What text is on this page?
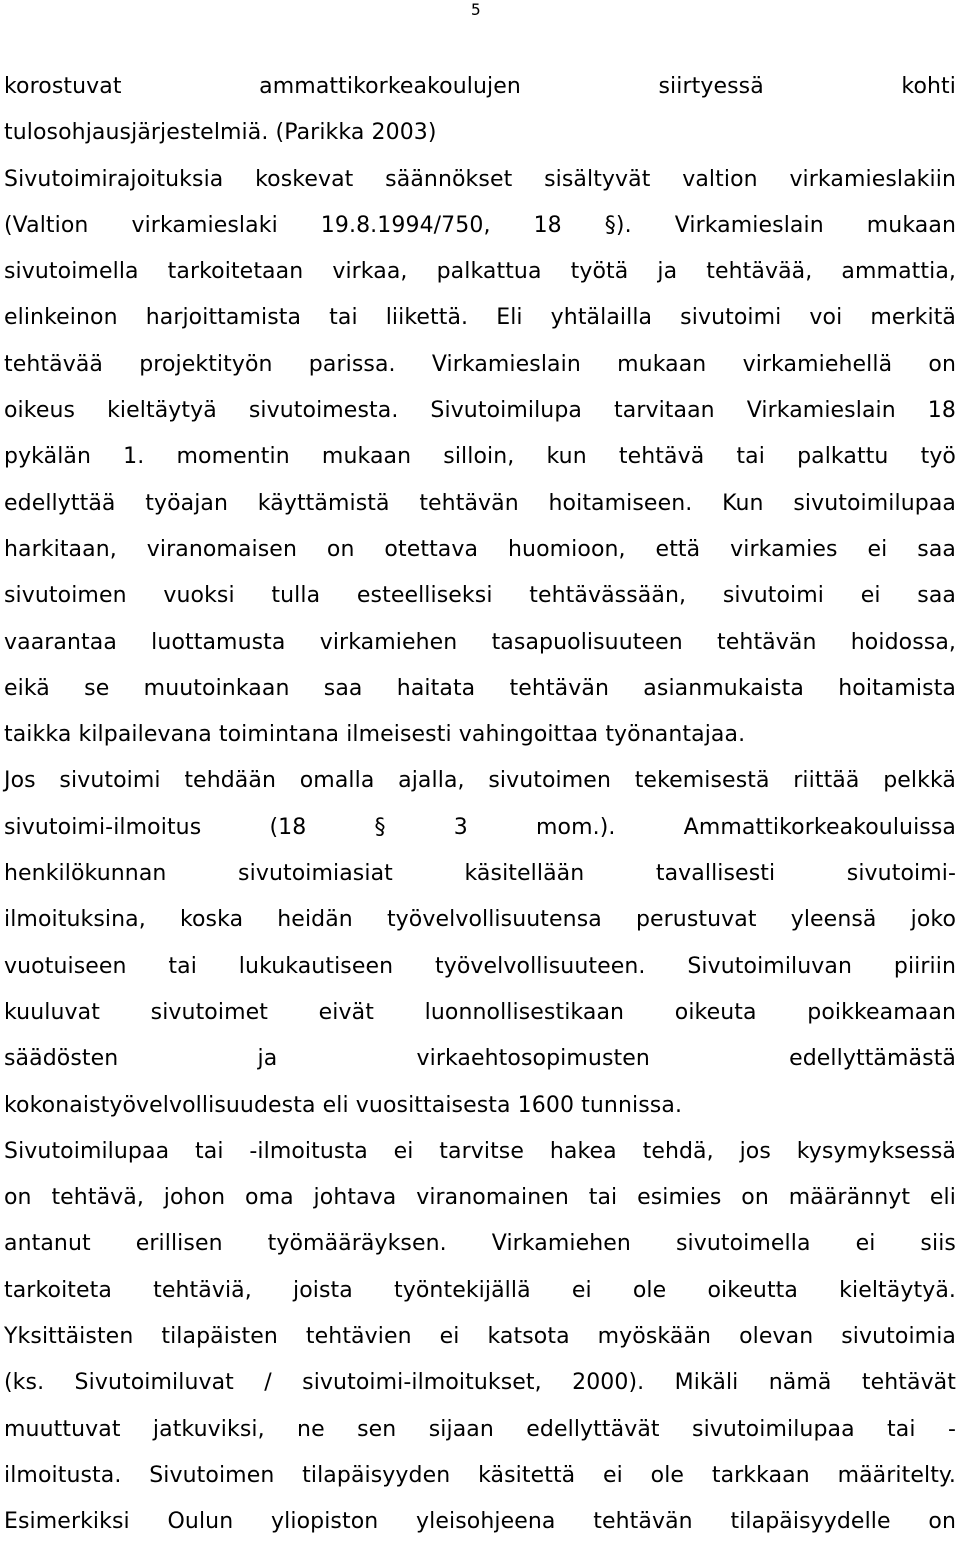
5
korostuvat ammattikorkeakoulujen siirtyessä kohti
tulosohjausjärjestelmiä. (Parikka 2003)
Sivutoimirajoituksia koskevat säännökset sisältyvät valtion virkamieslakiin
(Valtion virkamieslaki 19.8.1994/750, 18 §). Virkamieslain mukaan
sivutoimella tarkoitetaan virkaa, palkattua työtä ja tehtävää, ammattia,
elinkeinon harjoittamista tai liikettä. Eli yhtälailla sivutoimi voi merkitä
tehtävää projektityön parissa. Virkamieslain mukaan virkamiehellä on
oikeus kieltäytyä sivutoimesta. Sivutoimilupa tarvitaan Virkamieslain 18
pykälän 1. momentin mukaan silloin, kun tehtävä tai palkattu työ
edellyttää työajan käyttämistä tehtävän hoitamiseen. Kun sivutoimilupaa
harkitaan, viranomaisen on otettava huomioon, että virkamies ei saa
sivutoimen vuoksi tulla esteelliseksi tehtävässään, sivutoimi ei saa
vaarantaa luottamusta virkamiehen tasapuolisuuteen tehtävän hoidossa,
eikä se muutoinkaan saa haitata tehtävän asianmukaista hoitamista
taikka kilpailevana toimintana ilmeisesti vahingoittaa työnantajaa.
Jos sivutoimi tehdään omalla ajalla, sivutoimen tekemisestä riittää pelkkä
sivutoimi-ilmoitus (18 § 3 mom.). Ammattikorkeakouluissa
henkilökunnan sivutoimiasiat käsitellään tavallisesti sivutoimi-
ilmoituksina, koska heidän työvelvollisuutensa perustuvat yleensä joko
vuotuiseen tai lukukautiseen työvelvollisuuteen. Sivutoimiluvan piiriin
kuuluvat sivutoimet eivät luonnollisestikaan oikeuta poikkeamaan
säädösten ja virkaehtosopimusten edellyttämästä
kokonaistyövelvollisuudesta eli vuosittaisesta 1600 tunnissa.
Sivutoimilupaa tai -ilmoitusta ei tarvitse hakea tehdä, jos kysymyksessä
on tehtävä, johon oma johtava viranomainen tai esimies on määrännyt eli
antanut erillisen työmääräyksen. Virkamiehen sivutoimella ei siis
tarkoiteta tehtäviä, joista työntekijällä ei ole oikeutta kieltäytyä.
Yksittäisten tilapäisten tehtävien ei katsota myöskään olevan sivutoimia
(ks. Sivutoimiluvat / sivutoimi-ilmoitukset, 2000). Mikäli nämä tehtävät
muuttuvat jatkuviksi, ne sen sijaan edellyttävät sivutoimilupaa tai -
ilmoitusta. Sivutoimen tilapäisyyden käsitettä ei ole tarkkaan määritelty.
Esimerkiksi Oulun yliopiston yleisohjeena tehtävän tilapäisyydelle on
